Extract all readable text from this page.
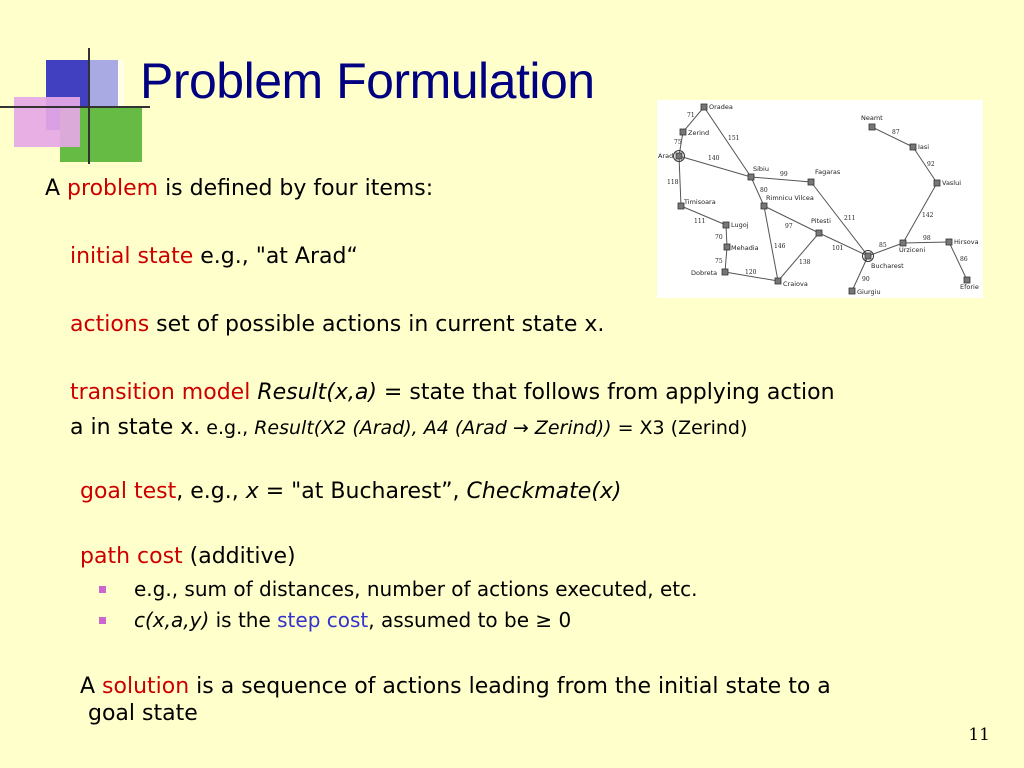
Problem Formulation	Oradea
Zerind
Arad
Timisoara
Lugoj
Mehadia
Dobreta
Craiova
Sibiu	Fagaras
Rimnicu Vilcea
Pitesti
Bucharest
Giurgiu
Urziceni
Hirsova
Eforie
Vaslui
Iasi
Neamt
71
75
151
140
118
111
70
75
120
99
80
97
146
138
211
101
90
85
98
86
142
92
87
A problem is defined by four items:
initial state e.g., "at Arad“
actions set of possible actions in current state x.
transition model Result(x,a) = state that follows from applying action
a in state x. e.g., Result(X2 (Arad), A4 (Arad → Zerind)) = X3 (Zerind)
goal test, e.g., x = "at Bucharest”, Checkmate(x)
path cost (additive)
e.g., sum of distances, number of actions executed, etc.
c(x,a,y) is the step cost, assumed to be ≥ 0
A solution is a sequence of actions leading from the initial state to a
goal state
11
